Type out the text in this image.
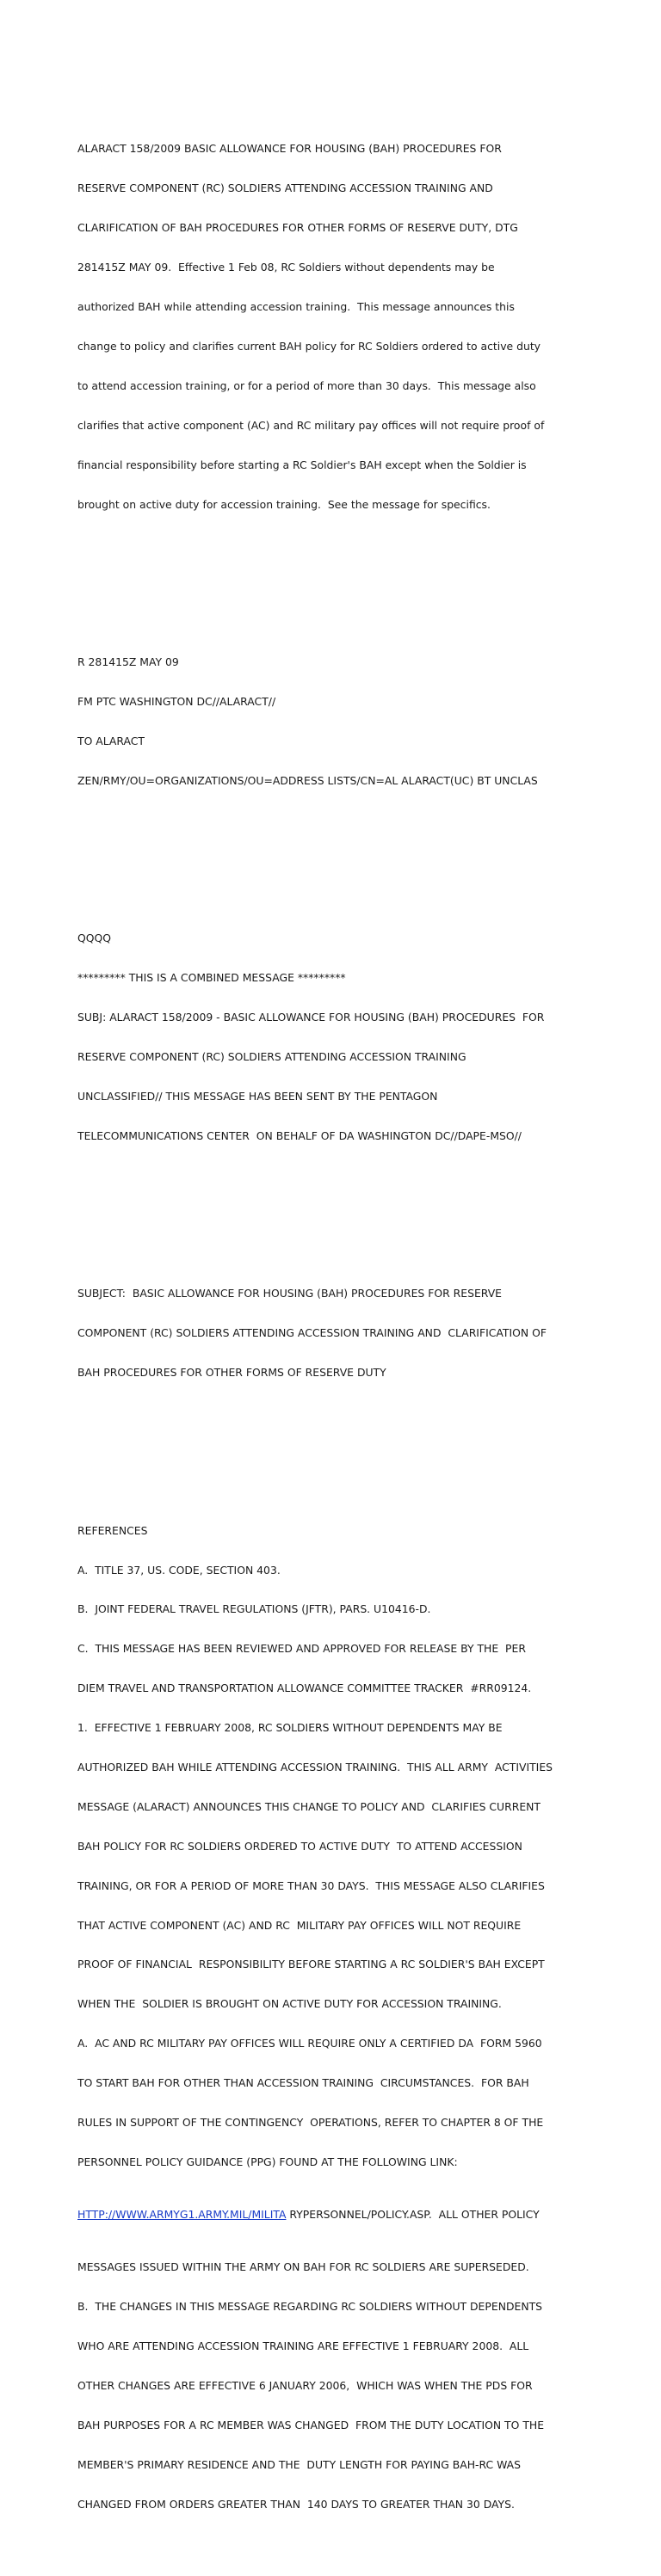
ALARACT 158/2009 BASIC ALLOWANCE FOR HOUSING (BAH) PROCEDURES FOR

RESERVE COMPONENT (RC) SOLDIERS ATTENDING ACCESSION TRAINING AND

CLARIFICATION OF BAH PROCEDURES FOR OTHER FORMS OF RESERVE DUTY, DTG

281415Z MAY 09.  Effective 1 Feb 08, RC Soldiers without dependents may be

authorized BAH while attending accession training.  This message announces this

change to policy and clarifies current BAH policy for RC Soldiers ordered to active duty

to attend accession training, or for a period of more than 30 days.  This message also

clarifies that active component (AC) and RC military pay offices will not require proof of

financial responsibility before starting a RC Soldier's BAH except when the Soldier is

brought on active duty for accession training.  See the message for specifics.

R 281415Z MAY 09

FM PTC WASHINGTON DC//ALARACT//

TO ALARACT

ZEN/RMY/OU=ORGANIZATIONS/OU=ADDRESS LISTS/CN=AL ALARACT(UC) BT UNCLAS

QQQQ

********* THIS IS A COMBINED MESSAGE *********

SUBJ: ALARACT 158/2009 - BASIC ALLOWANCE FOR HOUSING (BAH) PROCEDURES  FOR

RESERVE COMPONENT (RC) SOLDIERS ATTENDING ACCESSION TRAINING

UNCLASSIFIED// THIS MESSAGE HAS BEEN SENT BY THE PENTAGON

TELECOMMUNICATIONS CENTER  ON BEHALF OF DA WASHINGTON DC//DAPE-MSO//

SUBJECT:  BASIC ALLOWANCE FOR HOUSING (BAH) PROCEDURES FOR RESERVE

COMPONENT (RC) SOLDIERS ATTENDING ACCESSION TRAINING AND  CLARIFICATION OF

BAH PROCEDURES FOR OTHER FORMS OF RESERVE DUTY

REFERENCES

A.  TITLE 37, US. CODE, SECTION 403.

B.  JOINT FEDERAL TRAVEL REGULATIONS (JFTR), PARS. U10416-D.

C.  THIS MESSAGE HAS BEEN REVIEWED AND APPROVED FOR RELEASE BY THE  PER

DIEM TRAVEL AND TRANSPORTATION ALLOWANCE COMMITTEE TRACKER  #RR09124.

1.  EFFECTIVE 1 FEBRUARY 2008, RC SOLDIERS WITHOUT DEPENDENTS MAY BE

AUTHORIZED BAH WHILE ATTENDING ACCESSION TRAINING.  THIS ALL ARMY  ACTIVITIES

MESSAGE (ALARACT) ANNOUNCES THIS CHANGE TO POLICY AND  CLARIFIES CURRENT

BAH POLICY FOR RC SOLDIERS ORDERED TO ACTIVE DUTY  TO ATTEND ACCESSION

TRAINING, OR FOR A PERIOD OF MORE THAN 30 DAYS.  THIS MESSAGE ALSO CLARIFIES

THAT ACTIVE COMPONENT (AC) AND RC  MILITARY PAY OFFICES WILL NOT REQUIRE

PROOF OF FINANCIAL  RESPONSIBILITY BEFORE STARTING A RC SOLDIER'S BAH EXCEPT

WHEN THE  SOLDIER IS BROUGHT ON ACTIVE DUTY FOR ACCESSION TRAINING.

A.  AC AND RC MILITARY PAY OFFICES WILL REQUIRE ONLY A CERTIFIED DA  FORM 5960

TO START BAH FOR OTHER THAN ACCESSION TRAINING  CIRCUMSTANCES.  FOR BAH

RULES IN SUPPORT OF THE CONTINGENCY  OPERATIONS, REFER TO CHAPTER 8 OF THE

PERSONNEL POLICY GUIDANCE (PPG) FOUND AT THE FOLLOWING LINK:

HTTP://WWW.ARMYG1.ARMY.MIL/MILITA RYPERSONNEL/POLICY.ASP.  ALL OTHER POLICY

MESSAGES ISSUED WITHIN THE ARMY ON BAH FOR RC SOLDIERS ARE SUPERSEDED.

B.  THE CHANGES IN THIS MESSAGE REGARDING RC SOLDIERS WITHOUT DEPENDENTS

WHO ARE ATTENDING ACCESSION TRAINING ARE EFFECTIVE 1 FEBRUARY 2008.  ALL

OTHER CHANGES ARE EFFECTIVE 6 JANUARY 2006,  WHICH WAS WHEN THE PDS FOR

BAH PURPOSES FOR A RC MEMBER WAS CHANGED  FROM THE DUTY LOCATION TO THE

MEMBER'S PRIMARY RESIDENCE AND THE  DUTY LENGTH FOR PAYING BAH-RC WAS

CHANGED FROM ORDERS GREATER THAN  140 DAYS TO GREATER THAN 30 DAYS.
